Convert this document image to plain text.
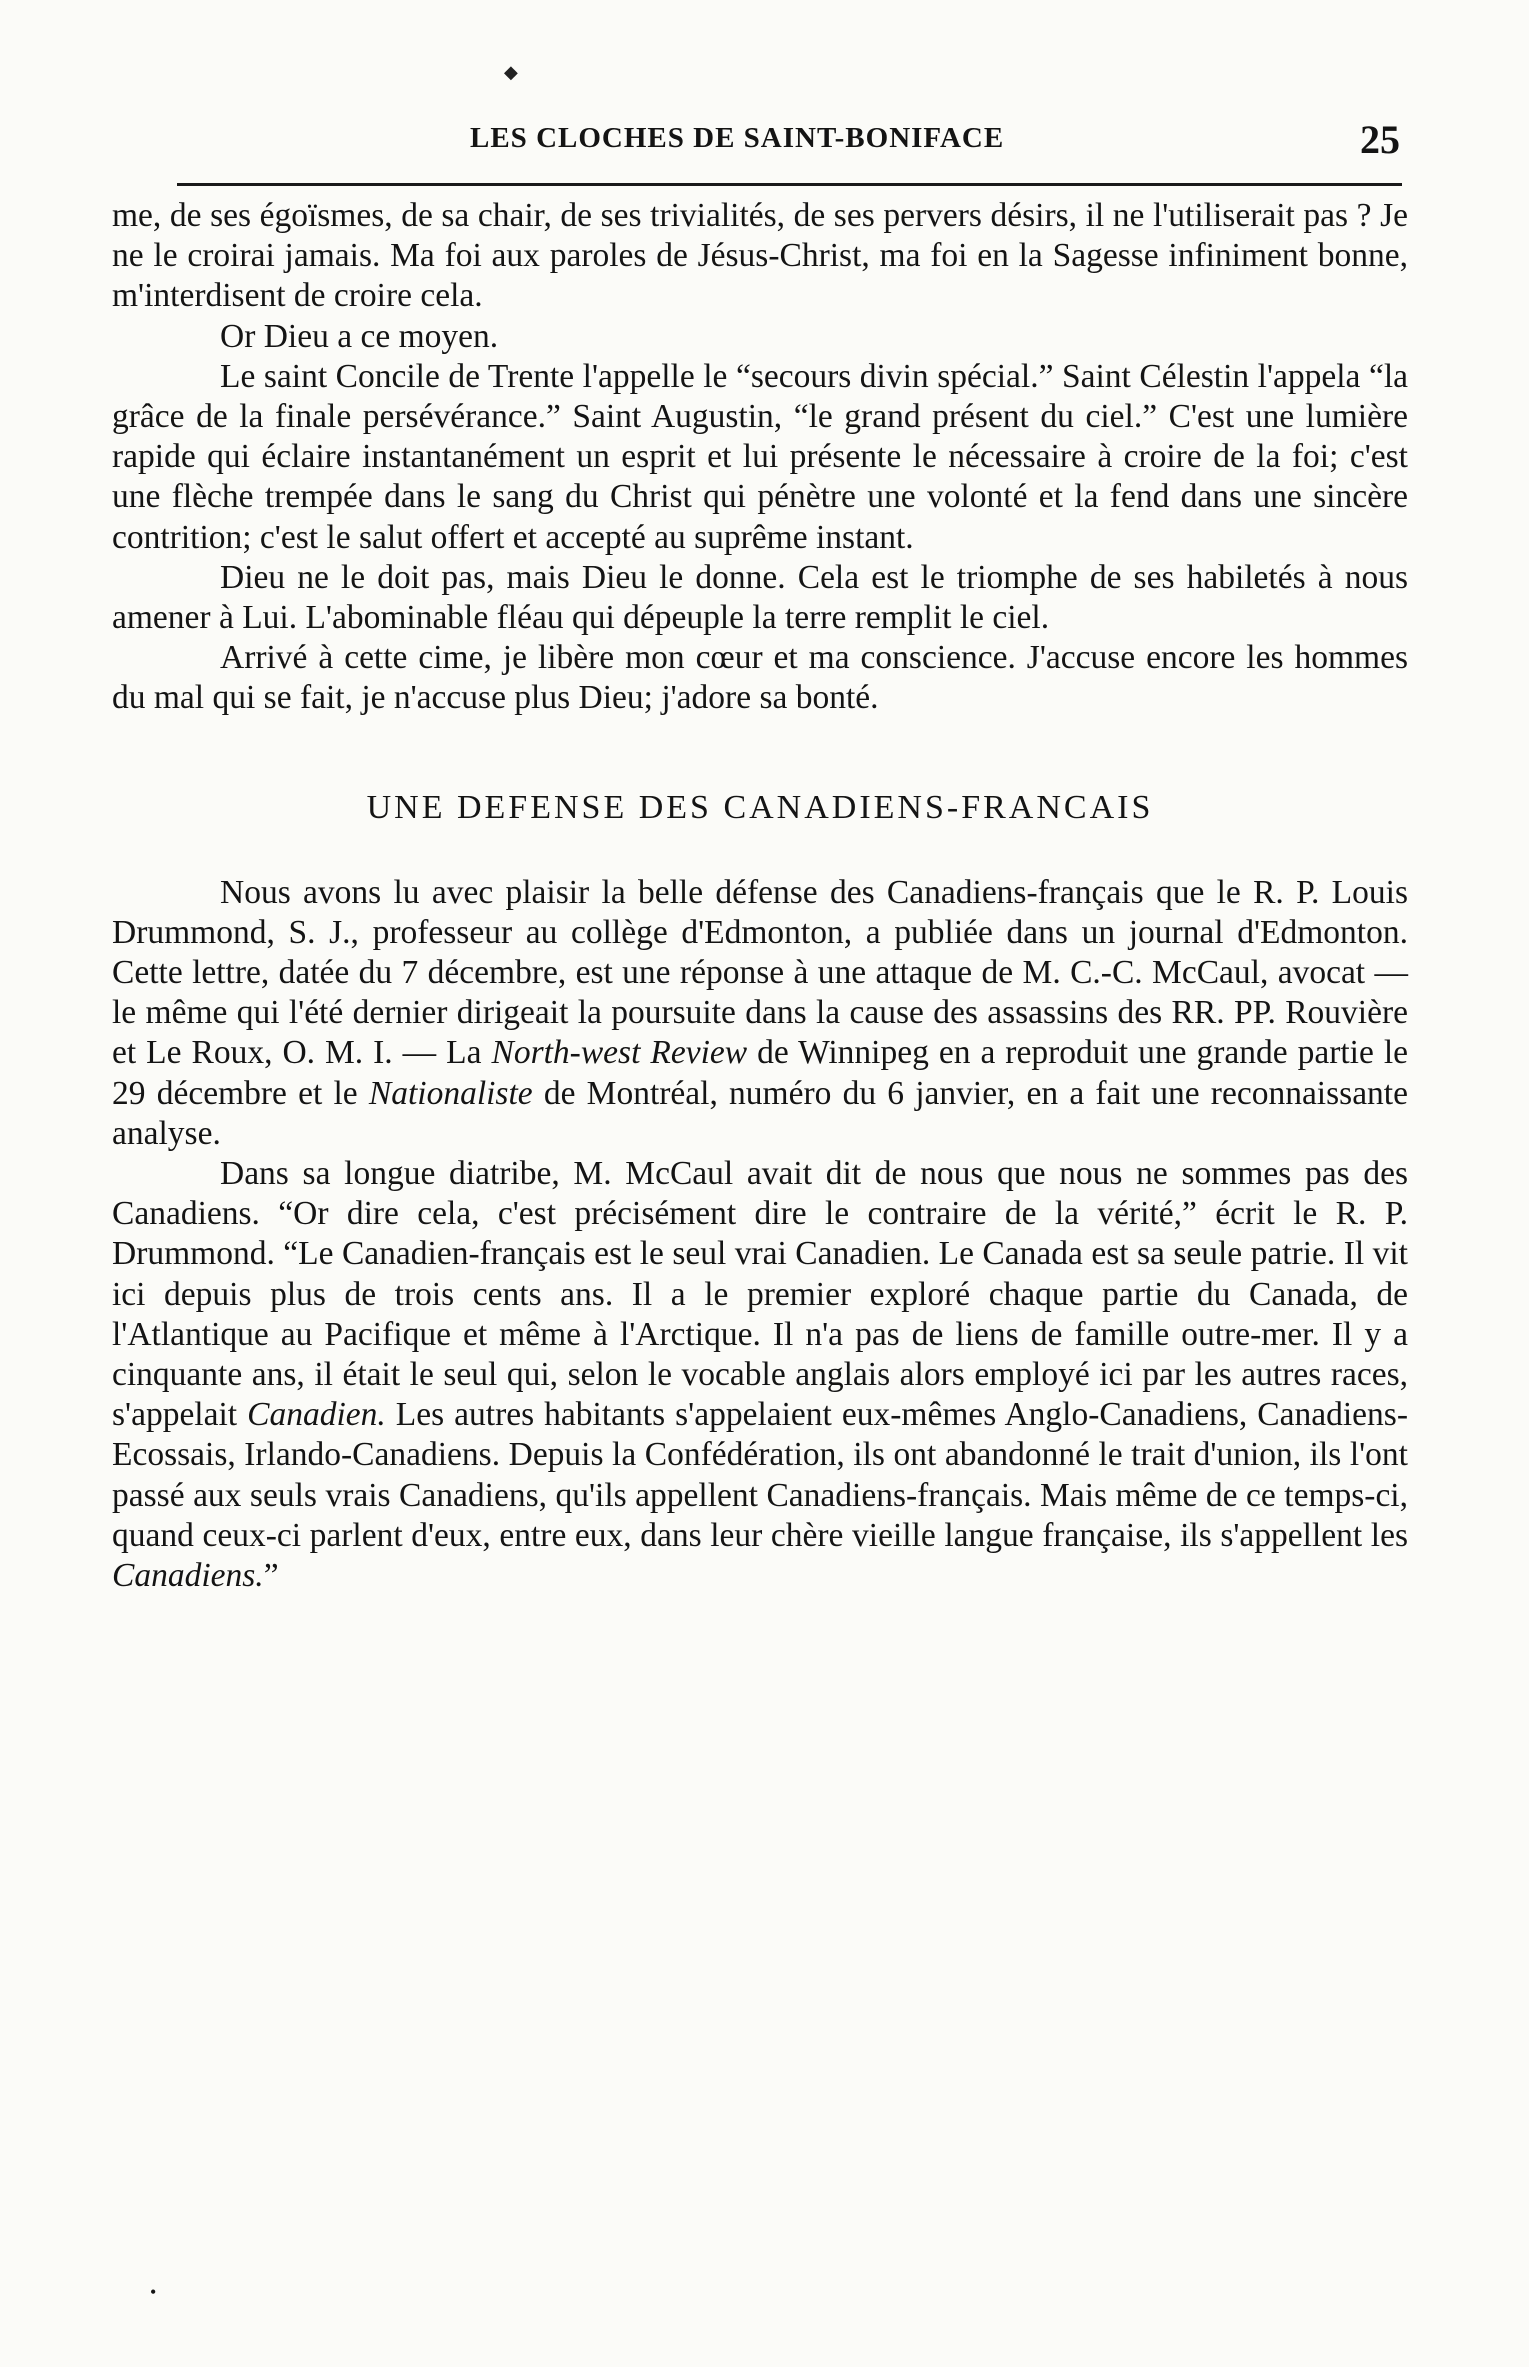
◆
LES CLOCHES DE SAINT-BONIFACE	25

me, de ses égoïsmes, de sa chair, de ses trivialités, de ses pervers désirs, il ne l'utiliserait pas ? Je ne le croirai jamais. Ma foi aux paroles de Jésus-Christ, ma foi en la Sagesse infiniment bonne, m'interdisent de croire cela.

Or Dieu a ce moyen.

Le saint Concile de Trente l'appelle le “secours divin spécial.” Saint Célestin l'appela “la grâce de la finale persévérance.” Saint Augustin, “le grand présent du ciel.” C'est une lumière rapide qui éclaire instantanément un esprit et lui présente le nécessaire à croire de la foi; c'est une flèche trempée dans le sang du Christ qui pénètre une volonté et la fend dans une sincère contrition; c'est le salut offert et accepté au suprême instant.

Dieu ne le doit pas, mais Dieu le donne. Cela est le triomphe de ses habiletés à nous amener à Lui. L'abominable fléau qui dépeuple la terre remplit le ciel.

Arrivé à cette cime, je libère mon cœur et ma conscience. J'accuse encore les hommes du mal qui se fait, je n'accuse plus Dieu; j'adore sa bonté.

UNE DEFENSE DES CANADIENS-FRANCAIS

Nous avons lu avec plaisir la belle défense des Canadiens-français que le R. P. Louis Drummond, S. J., professeur au collège d'Edmonton, a publiée dans un journal d'Edmonton. Cette lettre, datée du 7 décembre, est une réponse à une attaque de M. C.-C. McCaul, avocat — le même qui l'été dernier dirigeait la poursuite dans la cause des assassins des RR. PP. Rouvière et Le Roux, O. M. I. — La North-west Review de Winnipeg en a reproduit une grande partie le 29 décembre et le Nationaliste de Montréal, numéro du 6 janvier, en a fait une reconnaissante analyse.

Dans sa longue diatribe, M. McCaul avait dit de nous que nous ne sommes pas des Canadiens. “Or dire cela, c'est précisément dire le contraire de la vérité,” écrit le R. P. Drummond. “Le Canadien-français est le seul vrai Canadien. Le Canada est sa seule patrie. Il vit ici depuis plus de trois cents ans. Il a le premier exploré chaque partie du Canada, de l'Atlantique au Pacifique et même à l'Arctique. Il n'a pas de liens de famille outre-mer. Il y a cinquante ans, il était le seul qui, selon le vocable anglais alors employé ici par les autres races, s'appelait Canadien. Les autres habitants s'appelaient eux-mêmes Anglo-Canadiens, Canadiens-Ecossais, Irlando-Canadiens. Depuis la Confédération, ils ont abandonné le trait d'union, ils l'ont passé aux seuls vrais Canadiens, qu'ils appellent Canadiens-français. Mais même de ce temps-ci, quand ceux-ci parlent d'eux, entre eux, dans leur chère vieille langue française, ils s'appellent les Canadiens.”

•
